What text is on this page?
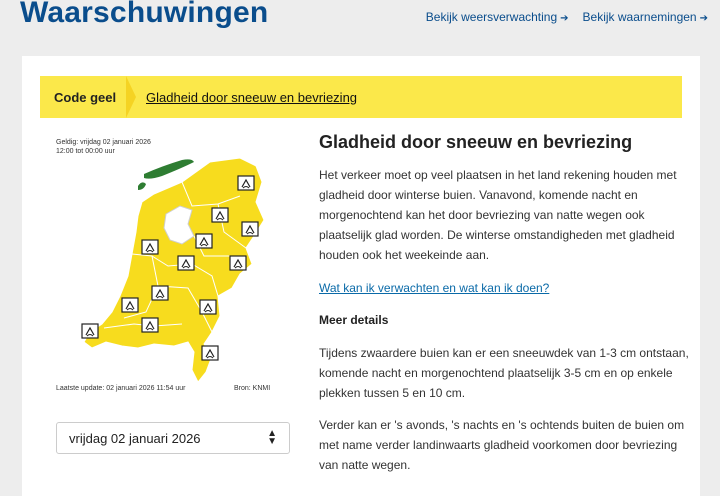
Waarschuwingen	Bekijk weersverwachting ➔ Bekijk waarnemingen ➔
Code geel	Gladheid door sneeuw en bevriezing
Geldig: vrijdag 02 januari 2026
12:00 tot 00:00 uur
Laatste update: 02 januari 2026 11:54 uur	Bron: KNMI
vrijdag 02 januari 2026	▲
▼
Gladheid door sneeuw en bevriezing

Het verkeer moet op veel plaatsen in het land rekening houden met gladheid door winterse buien. Vanavond, komende nacht en morgenochtend kan het door bevriezing van natte wegen ook plaatselijk glad worden. De winterse omstandigheden met gladheid houden ook het weekeinde aan.

Wat kan ik verwachten en wat kan ik doen?
Meer details

Tijdens zwaardere buien kan er een sneeuwdek van 1-3 cm ontstaan, komende nacht en morgenochtend plaatselijk 3-5 cm en op enkele plekken tussen 5 en 10 cm.

Verder kan er 's avonds, 's nachts en 's ochtends buiten de buien om met name verder landinwaarts gladheid voorkomen door bevriezing van natte wegen.
